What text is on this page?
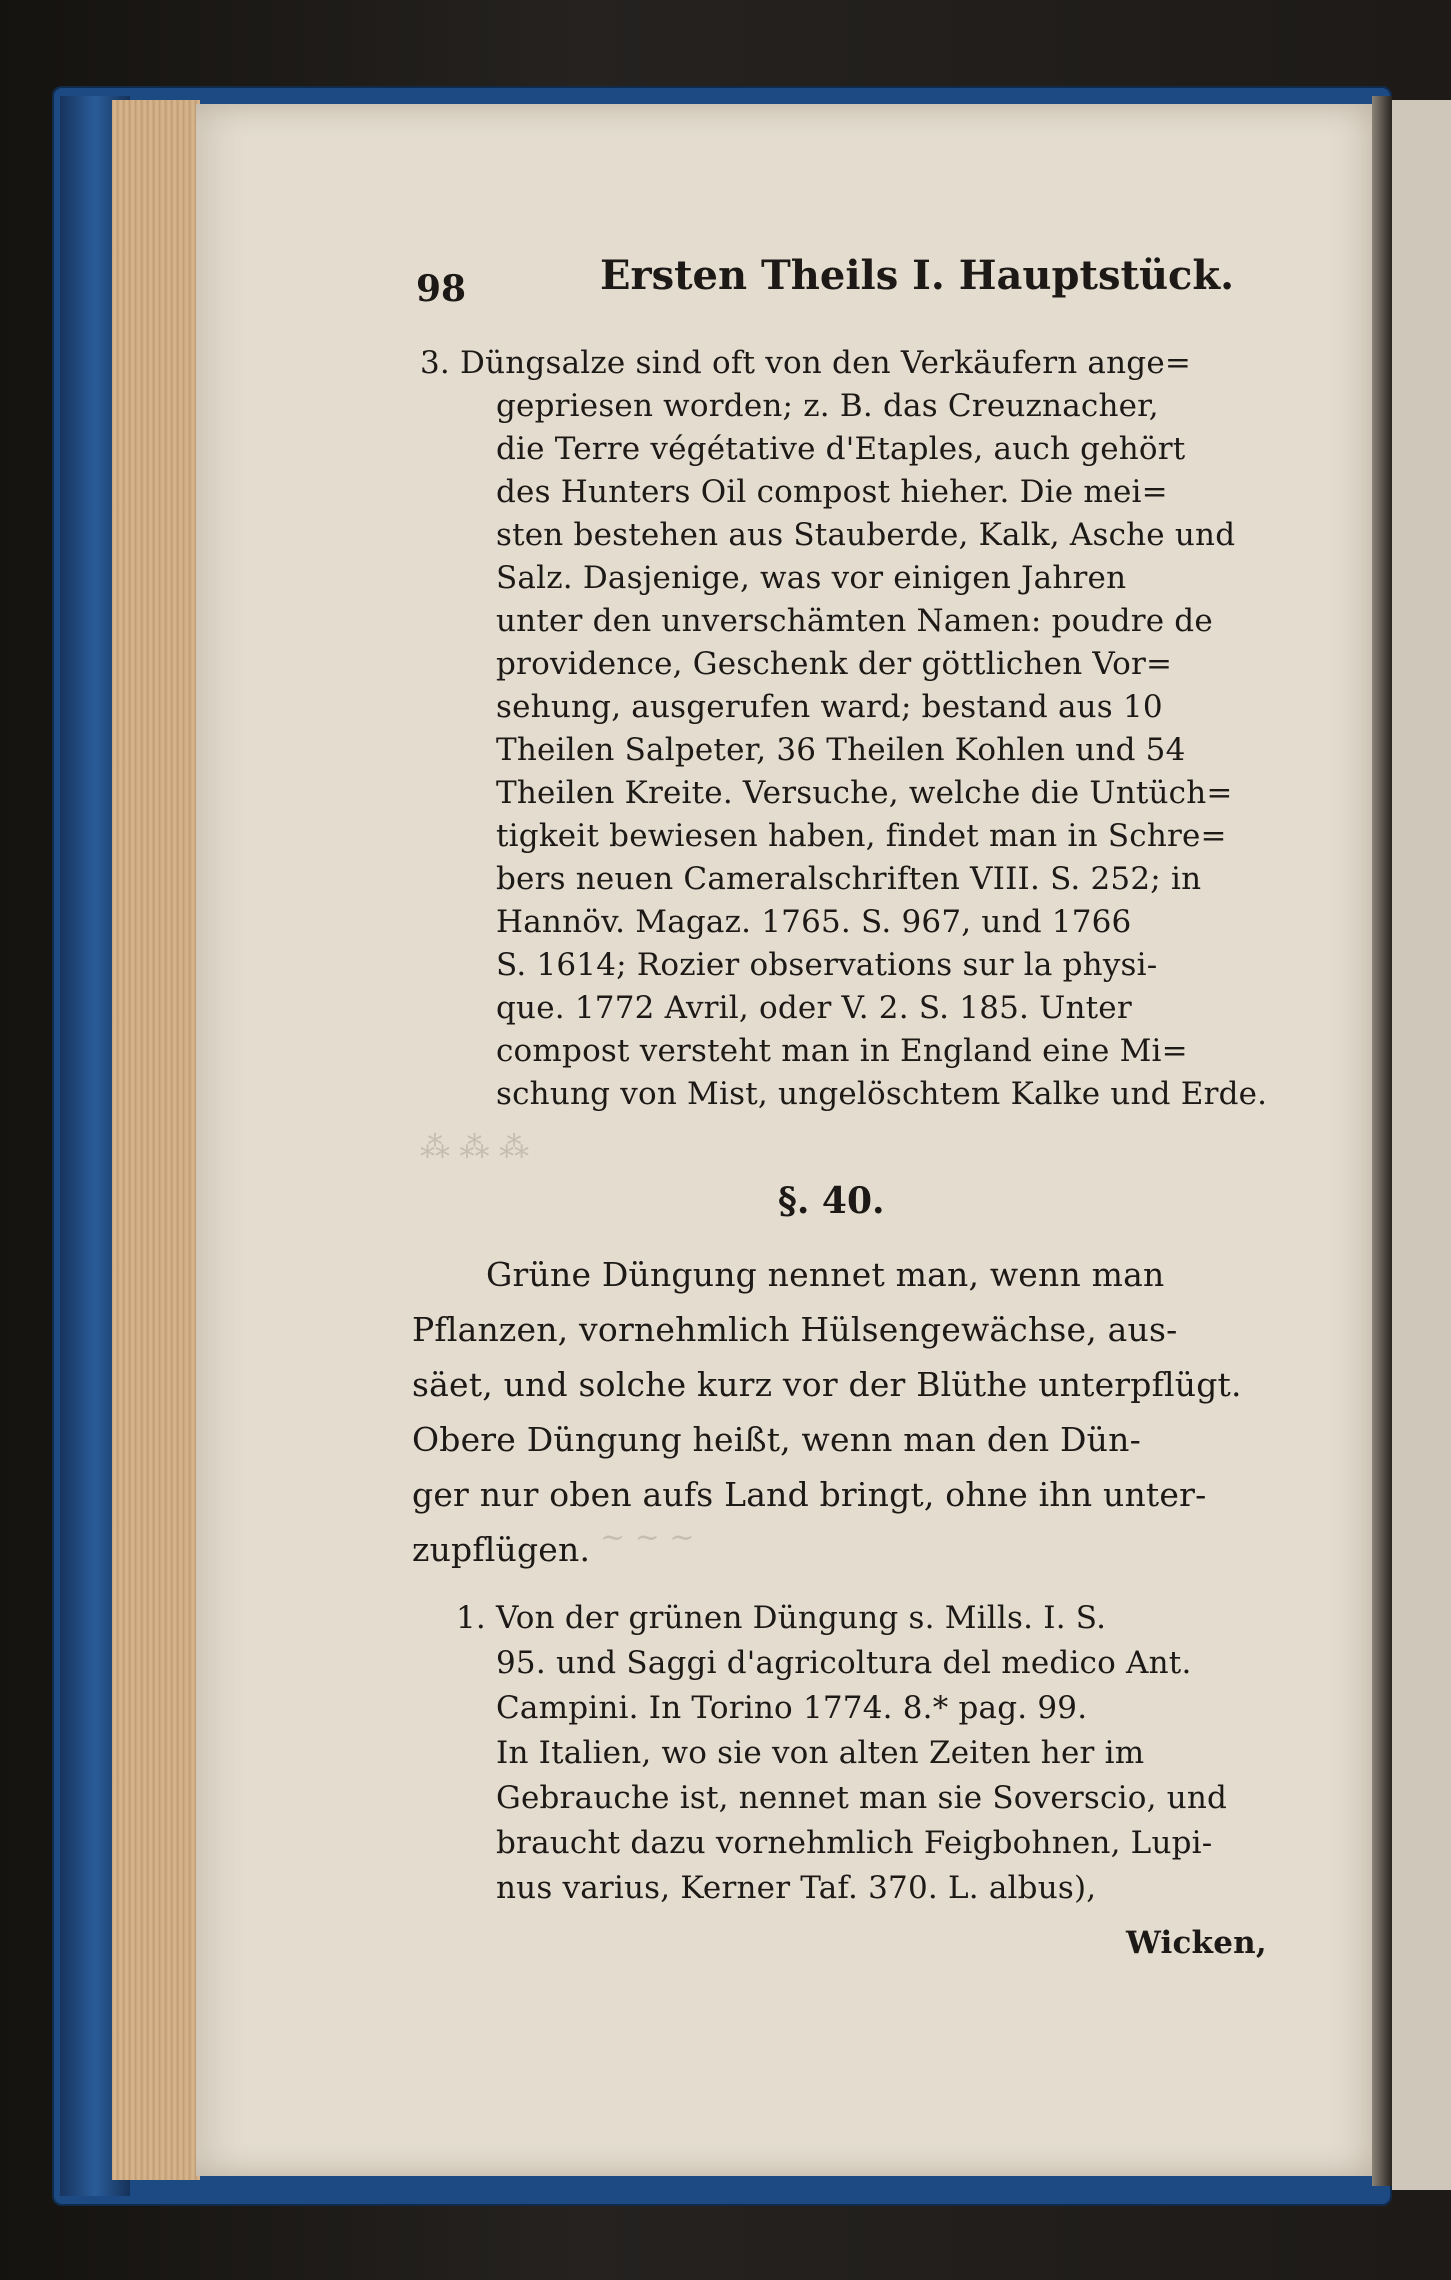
⁂ ⁂ ⁂
~ ~ ~
98	Ersten Theils I. Hauptstück.
3. Düngsalze sind oft von den Verkäufern ange=
gepriesen worden; z. B. das Creuznacher,
die Terre végétative d'Etaples, auch gehört
des Hunters Oil compost hieher. Die mei=
sten bestehen aus Stauberde, Kalk, Asche und
Salz. Dasjenige, was vor einigen Jahren
unter den unverschämten Namen: poudre de
providence, Geschenk der göttlichen Vor=
sehung, ausgerufen ward; bestand aus 10
Theilen Salpeter, 36 Theilen Kohlen und 54
Theilen Kreite. Versuche, welche die Untüch=
tigkeit bewiesen haben, findet man in Schre=
bers neuen Cameralschriften VIII. S. 252; in
Hannöv. Magaz. 1765. S. 967, und 1766
S. 1614; Rozier observations sur la physi-
que. 1772 Avril, oder V. 2. S. 185. Unter
compost versteht man in England eine Mi=
schung von Mist, ungelöschtem Kalke und Erde.
§. 40.
Grüne Düngung nennet man, wenn man
Pflanzen, vornehmlich Hülsengewächse, aus-
säet, und solche kurz vor der Blüthe unterpflügt.
Obere Düngung heißt, wenn man den Dün-
ger nur oben aufs Land bringt, ohne ihn unter-
zupflügen.
1. Von der grünen Düngung s. Mills. I. S.
95. und Saggi d'agricoltura del medico Ant.
Campini. In Torino 1774. 8.* pag. 99.
In Italien, wo sie von alten Zeiten her im
Gebrauche ist, nennet man sie Soverscio, und
braucht dazu vornehmlich Feigbohnen, Lupi-
nus varius, Kerner Taf. 370. L. albus),
Wicken,
